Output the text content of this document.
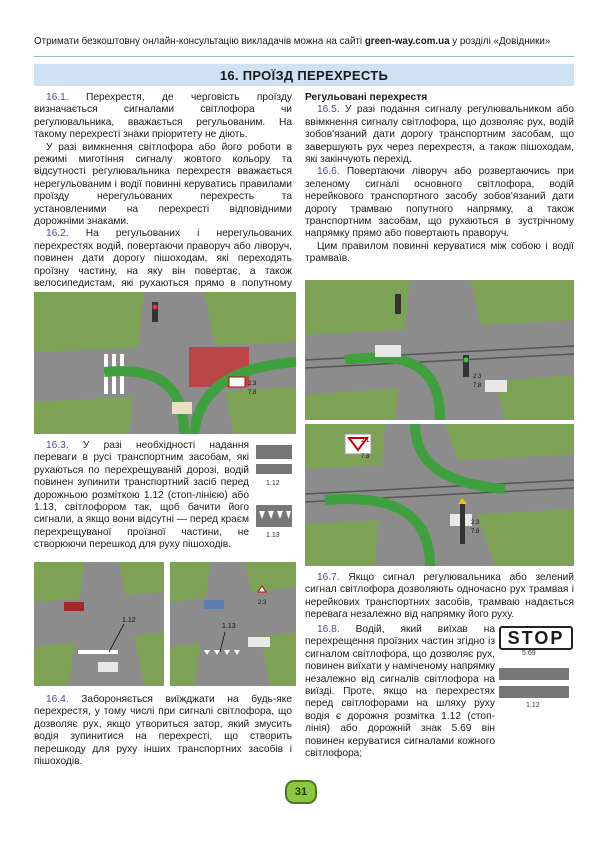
Отримати безкоштовну онлайн-консультацію викладачів можна на сайті green-way.com.ua у розділі «Довідники»
16. ПРОЇЗД ПЕРЕХРЕСТЬ

16.1. Перехрестя, де черговість проїзду визначається сигналами світлофора чи регулювальника, вважається регульованим. На такому перехресті знаки пріоритету не діють.

У разі вимкнення світлофора або його роботи в режимі миготіння сигналу жовтого кольору та відсутності регулювальника перехрестя вважається нерегульованим і водії повинні керуватись правилами проїзду нерегульованих перехресть та установленими на перехресті відповідними дорожніми знаками.

16.2. На регульованих і нерегульованих перехрестях водій, повертаючи праворуч або ліворуч, повинен дати дорогу пішоходам, які переходять проїзну частину, на яку він повертає, а також велосипедистам, які рухаються прямо в попутному

2.3
7.8

16.3. У разі необхідності надання переваги в русі транспортним засобам, які рухаються по перехрещуваній дорозі, водій повинен зупинити транспортний засіб перед дорожньою розміткою 1.12 (стоп-лінією) або 1.13, світлофором так, щоб бачити його сигнали, а якщо вони відсутні — перед краєм перехрещуваної проїзної частини, не створюючи перешкод для руху пішоходів.

1.12
1.13
1.12
2.3
1.13

16.4. Забороняється виїжджати на будь-яке перехрестя, у тому числі при сигналі світлофора, що дозволяє рух, якщо утвориться затор, який змусить водія зупинитися на перехресті, що створить перешкоду для руху інших транспортних засобів і пішоходів.

Регульовані перехрестя

16.5. У разі подання сигналу регулювальником або ввімкнення сигналу світлофора, що дозволяє рух, водій зобов'язаний дати дорогу транспортним засобам, що завершують рух через перехрестя, а також пішоходам, які закінчують перехід.

16.6. Повертаючи ліворуч або розвертаючись при зеленому сигналі основного світлофора, водій нерейкового транспортного засобу зобов'язаний дати дорогу трамваю попутного напрямку, а також транспортним засобам, що рухаються в зустрічному напрямку прямо або повертають праворуч.

Цим правилом повинні керуватися між собою і водії трамваїв.

2.3
7.8
2.1
7.8
2.3
7.8

16.7. Якщо сигнал регулювальника або зелений сигнал світлофора дозволяють одночасно рух трамвая і нерейкових транспортних засобів, трамваю надається перевага незалежно від напрямку його руху.

16.8. Водій, який виїхав на перехрещення проїзних частин згідно із сигналом світлофора, що дозволяє рух, повинен виїхати у наміченому напрямку незалежно від сигналів світлофора на виїзді. Проте, якщо на перехрестях перед світлофорами на шляху руху водія є дорожня розмітка 1.12 (стоп-лінія) або дорожній знак 5.69 він повинен керуватися сигналами кожного світлофора;

STOP
5.69
1.12
31
